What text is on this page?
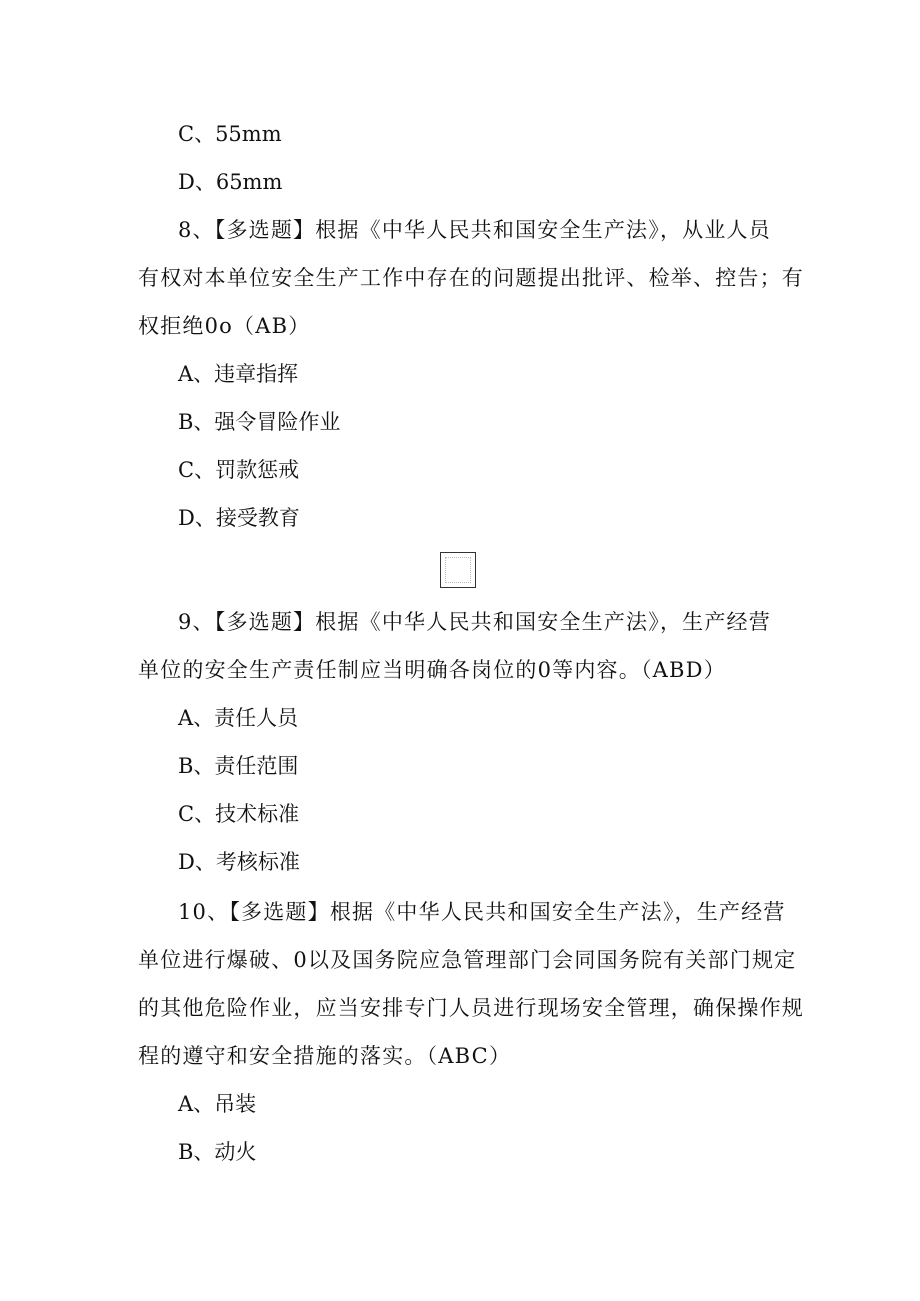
C、55mm
D、65mm
8、【多选题】根据《中华人民共和国安全生产法》，从业人员
有权对本单位安全生产工作中存在的问题提出批评、检举、控告；有
权拒绝0o（AB）
A、违章指挥
B、强令冒险作业
C、罚款惩戒
D、接受教育
9、【多选题】根据《中华人民共和国安全生产法》，生产经营
单位的安全生产责任制应当明确各岗位的0等内容。（ABD）
A、责任人员
B、责任范围
C、技术标准
D、考核标准
10、【多选题】根据《中华人民共和国安全生产法》，生产经营
单位进行爆破、0以及国务院应急管理部门会同国务院有关部门规定
的其他危险作业，应当安排专门人员进行现场安全管理，确保操作规
程的遵守和安全措施的落实。（ABC）
A、吊装
B、动火
